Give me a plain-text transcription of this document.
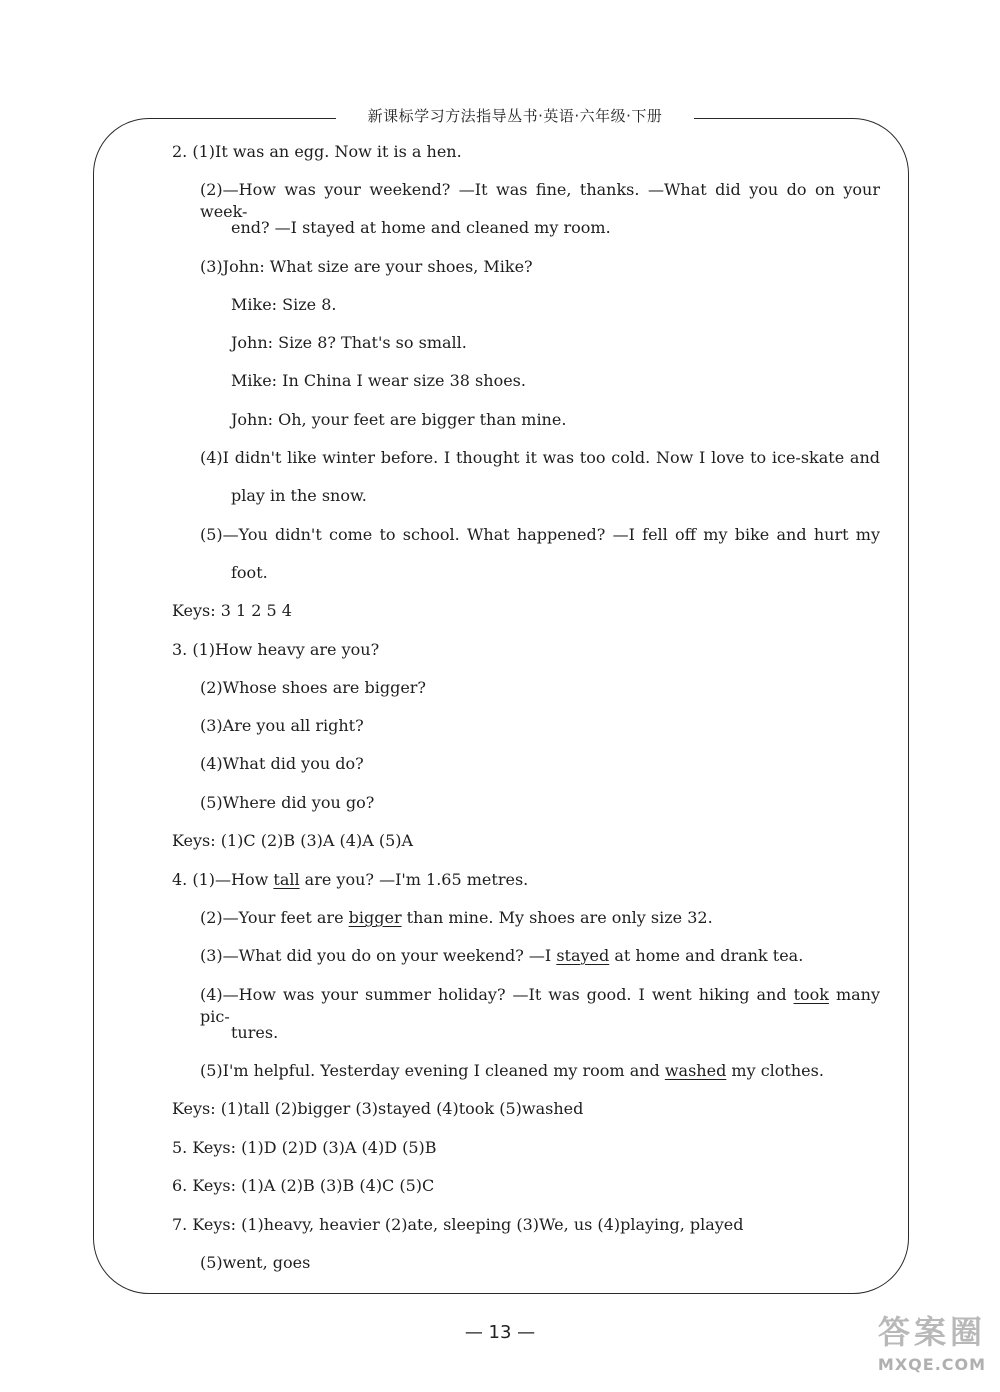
新课标学习方法指导丛书·英语·六年级·下册
2. (1)It was an egg. Now it is a hen.
(2)—How was your weekend? —It was fine, thanks. —What did you do on your week-
end? —I stayed at home and cleaned my room.
(3)John: What size are your shoes, Mike?
Mike: Size 8.
John: Size 8? That's so small.
Mike: In China I wear size 38 shoes.
John: Oh, your feet are bigger than mine.
(4)I didn't like winter before. I thought it was too cold. Now I love to ice-skate and
play in the snow.
(5)—You didn't come to school. What happened? —I fell off my bike and hurt my
foot.
Keys: 3 1 2 5 4
3. (1)How heavy are you?
(2)Whose shoes are bigger?
(3)Are you all right?
(4)What did you do?
(5)Where did you go?
Keys: (1)C (2)B (3)A (4)A (5)A
4. (1)—How tall are you? —I'm 1.65 metres.
(2)—Your feet are bigger than mine. My shoes are only size 32.
(3)—What did you do on your weekend? —I stayed at home and drank tea.
(4)—How was your summer holiday? —It was good. I went hiking and took many pic-
tures.
(5)I'm helpful. Yesterday evening I cleaned my room and washed my clothes.
Keys: (1)tall (2)bigger (3)stayed (4)took (5)washed
5. Keys: (1)D (2)D (3)A (4)D (5)B
6. Keys: (1)A (2)B (3)B (4)C (5)C
7. Keys: (1)heavy, heavier (2)ate, sleeping (3)We, us (4)playing, played
(5)went, goes
— 13 —	答案圈
MXQE.COM
